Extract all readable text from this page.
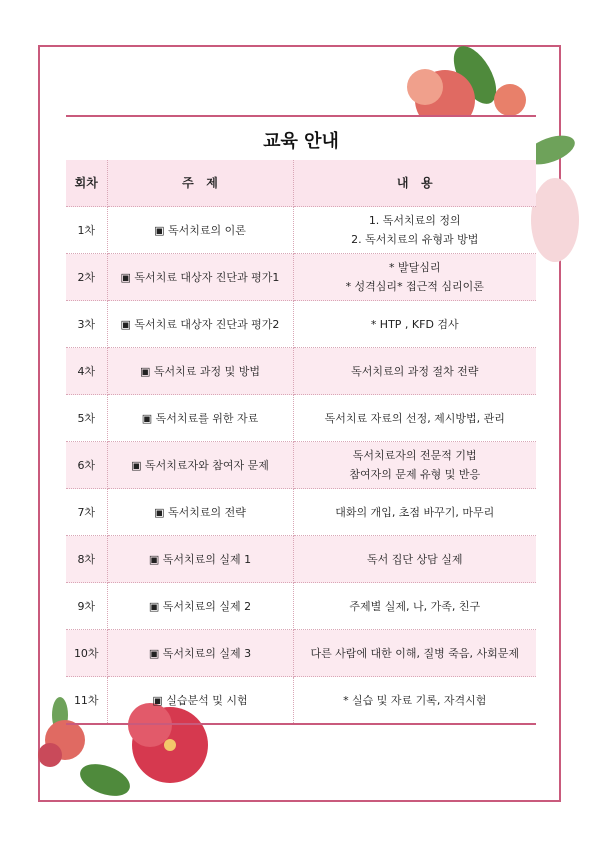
교육 안내
회차	주   제	내   용
1차	▣ 독서치료의 이론	1. 독서치료의 정의
2. 독서치료의 유형과 방법

2차	▣ 독서치료 대상자 진단과 평가1	* 발달심리
* 성격심리* 접근적 심리이론

3차	▣ 독서치료 대상자 진단과 평가2	* HTP , KFD 검사

4차	▣ 독서치료 과정 및 방법	독서치료의 과정 절차 전략

5차	▣ 독서치료를 위한 자료	독서치료 자료의 선정, 제시방법, 관리

6차	▣ 독서치료자와 참여자 문제	독서치료자의 전문적 기법
참여자의 문제 유형 및 반응

7차	▣ 독서치료의 전략	대화의 개입, 초점 바꾸기, 마무리

8차	▣ 독서치료의 실제 1	독서 집단 상담 실제

9차	▣ 독서치료의 실제 2	주제별 실제, 나, 가족, 친구

10차	▣ 독서치료의 실제 3	다른 사람에 대한 이해, 질병 죽음, 사회문제

11차	▣ 실습분석 및 시험	* 실습 및 자료 기록, 자격시험
